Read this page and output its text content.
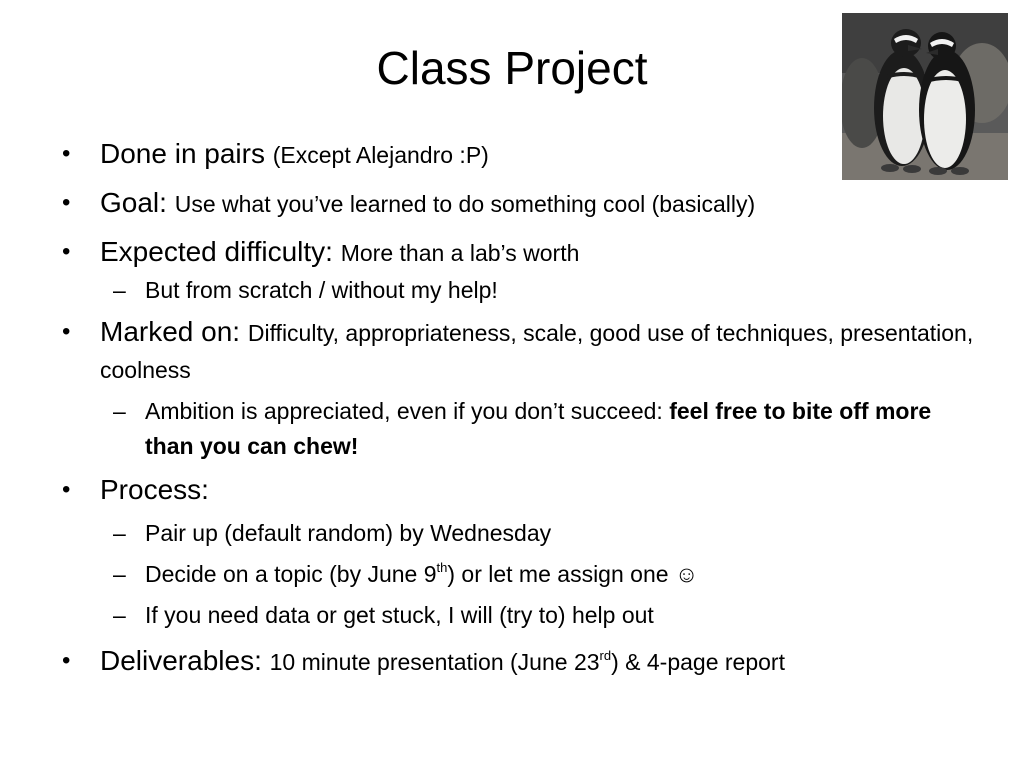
Class Project

• Done in pairs (Except Alejandro :P)

• Goal: Use what you’ve learned to do something cool (basically)

• Expected difficulty: More than a lab’s worth

– But from scratch / without my help!

• Marked on: Difficulty, appropriateness, scale, good use of techniques, presentation, coolness

– Ambition is appreciated, even if you don’t succeed: feel free to bite off more than you can chew!

• Process:

– Pair up (default random) by Wednesday

– Decide on a topic (by June 9th) or let me assign one ☺

– If you need data or get stuck, I will (try to) help out

• Deliverables: 10 minute presentation (June 23rd) & 4-page report
